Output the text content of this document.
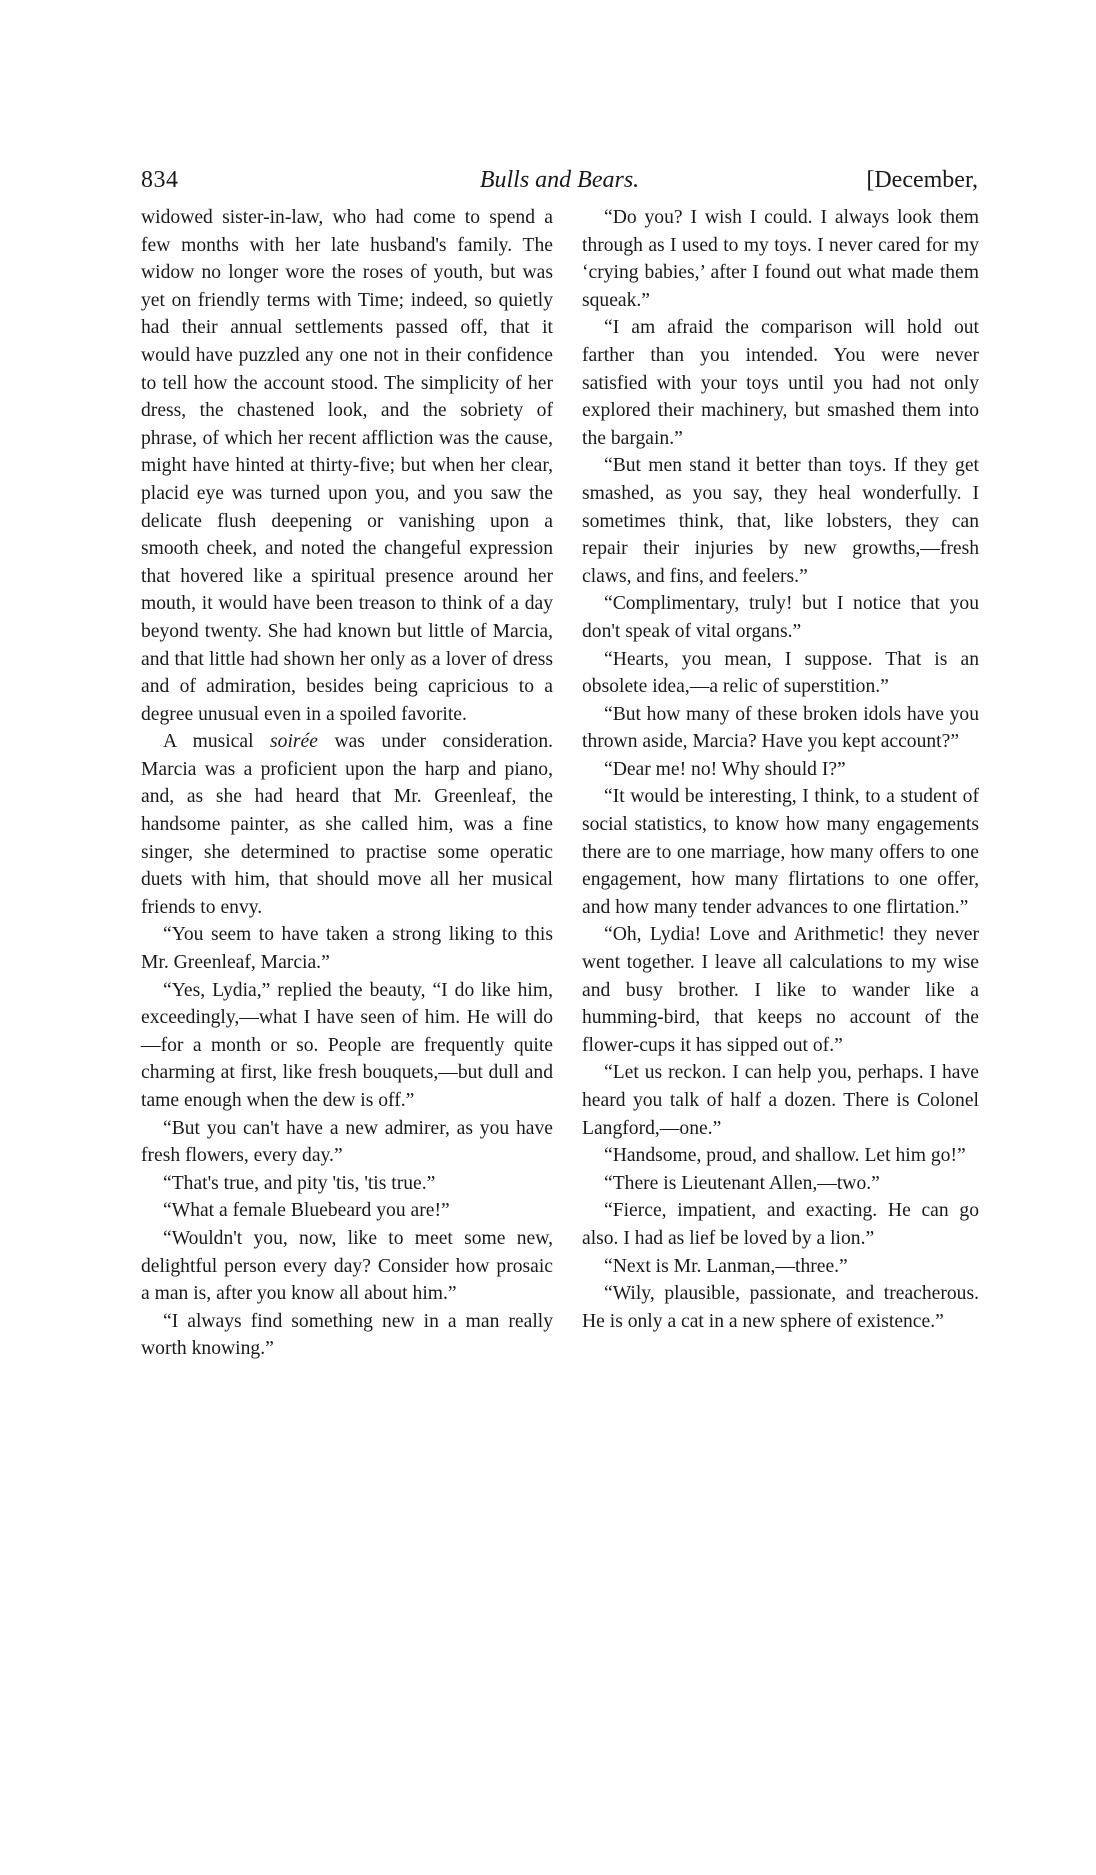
834	Bulls and Bears.	[December,

widowed sister-in-law, who had come to spend a few months with her late husband's family. The widow no longer wore the roses of youth, but was yet on friendly terms with Time; indeed, so quietly had their annual settlements passed off, that it would have puzzled any one not in their confidence to tell how the account stood. The simplicity of her dress, the chastened look, and the sobriety of phrase, of which her recent affliction was the cause, might have hinted at thirty-five; but when her clear, placid eye was turned upon you, and you saw the delicate flush deepening or vanishing upon a smooth cheek, and noted the changeful expression that hovered like a spiritual presence around her mouth, it would have been treason to think of a day beyond twenty. She had known but little of Marcia, and that little had shown her only as a lover of dress and of admiration, besides being capricious to a degree unusual even in a spoiled favorite.

A musical soirée was under consideration. Marcia was a proficient upon the harp and piano, and, as she had heard that Mr. Greenleaf, the handsome painter, as she called him, was a fine singer, she determined to practise some operatic duets with him, that should move all her musical friends to envy.

“You seem to have taken a strong liking to this Mr. Greenleaf, Marcia.”

“Yes, Lydia,” replied the beauty, “I do like him, exceedingly,—what I have seen of him. He will do—for a month or so. People are frequently quite charming at first, like fresh bouquets,—but dull and tame enough when the dew is off.”

“But you can't have a new admirer, as you have fresh flowers, every day.”

“That's true, and pity 'tis, 'tis true.”

“What a female Bluebeard you are!”

“Wouldn't you, now, like to meet some new, delightful person every day? Consider how prosaic a man is, after you know all about him.”

“I always find something new in a man really worth knowing.”

“Do you? I wish I could. I always look them through as I used to my toys. I never cared for my ‘crying babies,’ after I found out what made them squeak.”

“I am afraid the comparison will hold out farther than you intended. You were never satisfied with your toys until you had not only explored their machinery, but smashed them into the bargain.”

“But men stand it better than toys. If they get smashed, as you say, they heal wonderfully. I sometimes think, that, like lobsters, they can repair their injuries by new growths,—fresh claws, and fins, and feelers.”

“Complimentary, truly! but I notice that you don't speak of vital organs.”

“Hearts, you mean, I suppose. That is an obsolete idea,—a relic of superstition.”

“But how many of these broken idols have you thrown aside, Marcia? Have you kept account?”

“Dear me! no! Why should I?”

“It would be interesting, I think, to a student of social statistics, to know how many engagements there are to one marriage, how many offers to one engagement, how many flirtations to one offer, and how many tender advances to one flirtation.”

“Oh, Lydia! Love and Arithmetic! they never went together. I leave all calculations to my wise and busy brother. I like to wander like a humming-bird, that keeps no account of the flower-cups it has sipped out of.”

“Let us reckon. I can help you, perhaps. I have heard you talk of half a dozen. There is Colonel Langford,—one.”

“Handsome, proud, and shallow. Let him go!”

“There is Lieutenant Allen,—two.”

“Fierce, impatient, and exacting. He can go also. I had as lief be loved by a lion.”

“Next is Mr. Lanman,—three.”

“Wily, plausible, passionate, and treacherous. He is only a cat in a new sphere of existence.”
